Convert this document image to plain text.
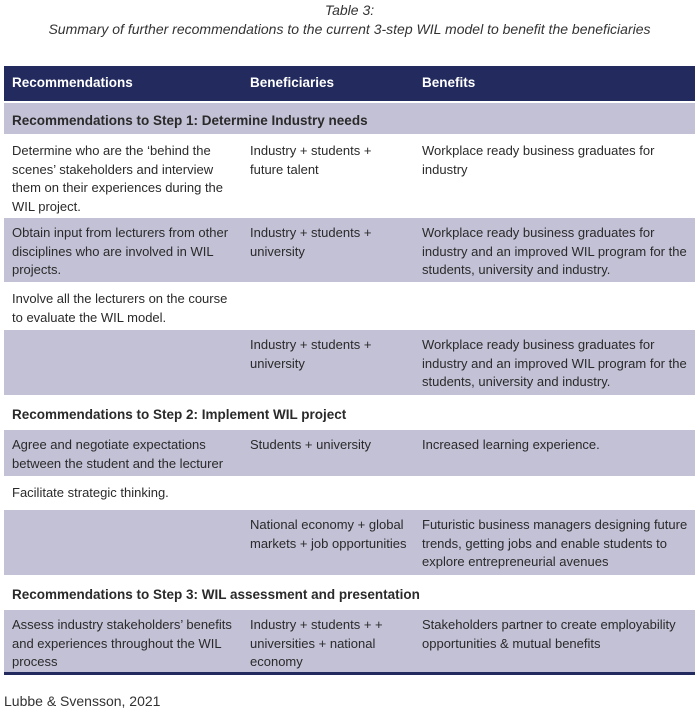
Table 3:
Summary of further recommendations to the current 3-step WIL model to benefit the beneficiaries
Recommendations	Beneficiaries	Benefits
Recommendations to Step 1: Determine Industry needs		
Determine who are the ‘behind the scenes’ stakeholders and interview them on their experiences during the WIL project.	Industry + students + future talent	Workplace ready business graduates for industry
Obtain input from lecturers from other disciplines who are involved in WIL projects.	Industry + students + university	Workplace ready business graduates for industry and an improved WIL program for the students, university and industry.
Involve all the lecturers on the course to evaluate the WIL model.		
	Industry + students + university	Workplace ready business graduates for industry and an improved WIL program for the students, university and industry.
Recommendations to Step 2: Implement WIL project		
Agree and negotiate expectations between the student and the lecturer	Students + university	Increased learning experience.
Facilitate strategic thinking.		
	National economy + global markets + job opportunities	Futuristic business managers designing future trends, getting jobs and enable students to explore entrepreneurial avenues
Recommendations to Step 3: WIL assessment and presentation		
Assess industry stakeholders’ benefits and experiences throughout the WIL process	Industry + students + + universities + national economy	Stakeholders partner to create employability opportunities & mutual benefits
Lubbe & Svensson, 2021
